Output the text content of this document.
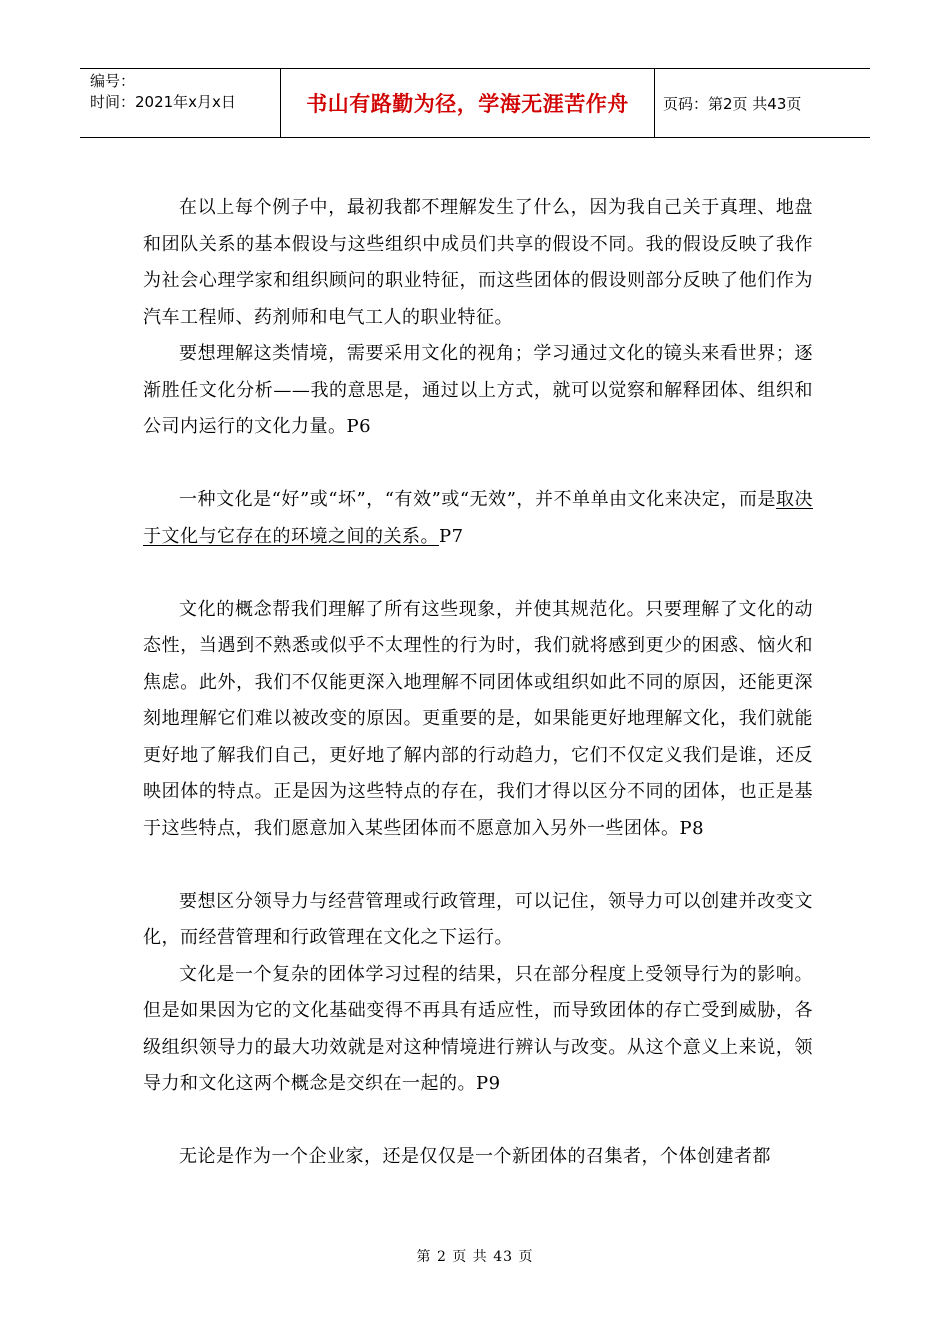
编号：
时间：2021年x月x日	书山有路勤为径，学海无涯苦作舟	页码：第2页 共43页

在以上每个例子中，最初我都不理解发生了什么，因为我自己关于真理、地盘和团队关系的基本假设与这些组织中成员们共享的假设不同。我的假设反映了我作为社会心理学家和组织顾问的职业特征，而这些团体的假设则部分反映了他们作为汽车工程师、药剂师和电气工人的职业特征。

要想理解这类情境，需要采用文化的视角；学习通过文化的镜头来看世界；逐渐胜任文化分析——我的意思是，通过以上方式，就可以觉察和解释团体、组织和公司内运行的文化力量。P6

一种文化是“好”或“坏”，“有效”或“无效”，并不单单由文化来决定，而是取决于文化与它存在的环境之间的关系。P7

文化的概念帮我们理解了所有这些现象，并使其规范化。只要理解了文化的动态性，当遇到不熟悉或似乎不太理性的行为时，我们就将感到更少的困惑、恼火和焦虑。此外，我们不仅能更深入地理解不同团体或组织如此不同的原因，还能更深刻地理解它们难以被改变的原因。更重要的是，如果能更好地理解文化，我们就能更好地了解我们自己，更好地了解内部的行动趋力，它们不仅定义我们是谁，还反映团体的特点。正是因为这些特点的存在，我们才得以区分不同的团体，也正是基于这些特点，我们愿意加入某些团体而不愿意加入另外一些团体。P8

要想区分领导力与经营管理或行政管理，可以记住，领导力可以创建并改变文化，而经营管理和行政管理在文化之下运行。

文化是一个复杂的团体学习过程的结果，只在部分程度上受领导行为的影响。但是如果因为它的文化基础变得不再具有适应性，而导致团体的存亡受到威胁，各级组织领导力的最大功效就是对这种情境进行辨认与改变。从这个意义上来说，领导力和文化这两个概念是交织在一起的。P9

无论是作为一个企业家，还是仅仅是一个新团体的召集者，个体创建者都

第 2 页 共 43 页
